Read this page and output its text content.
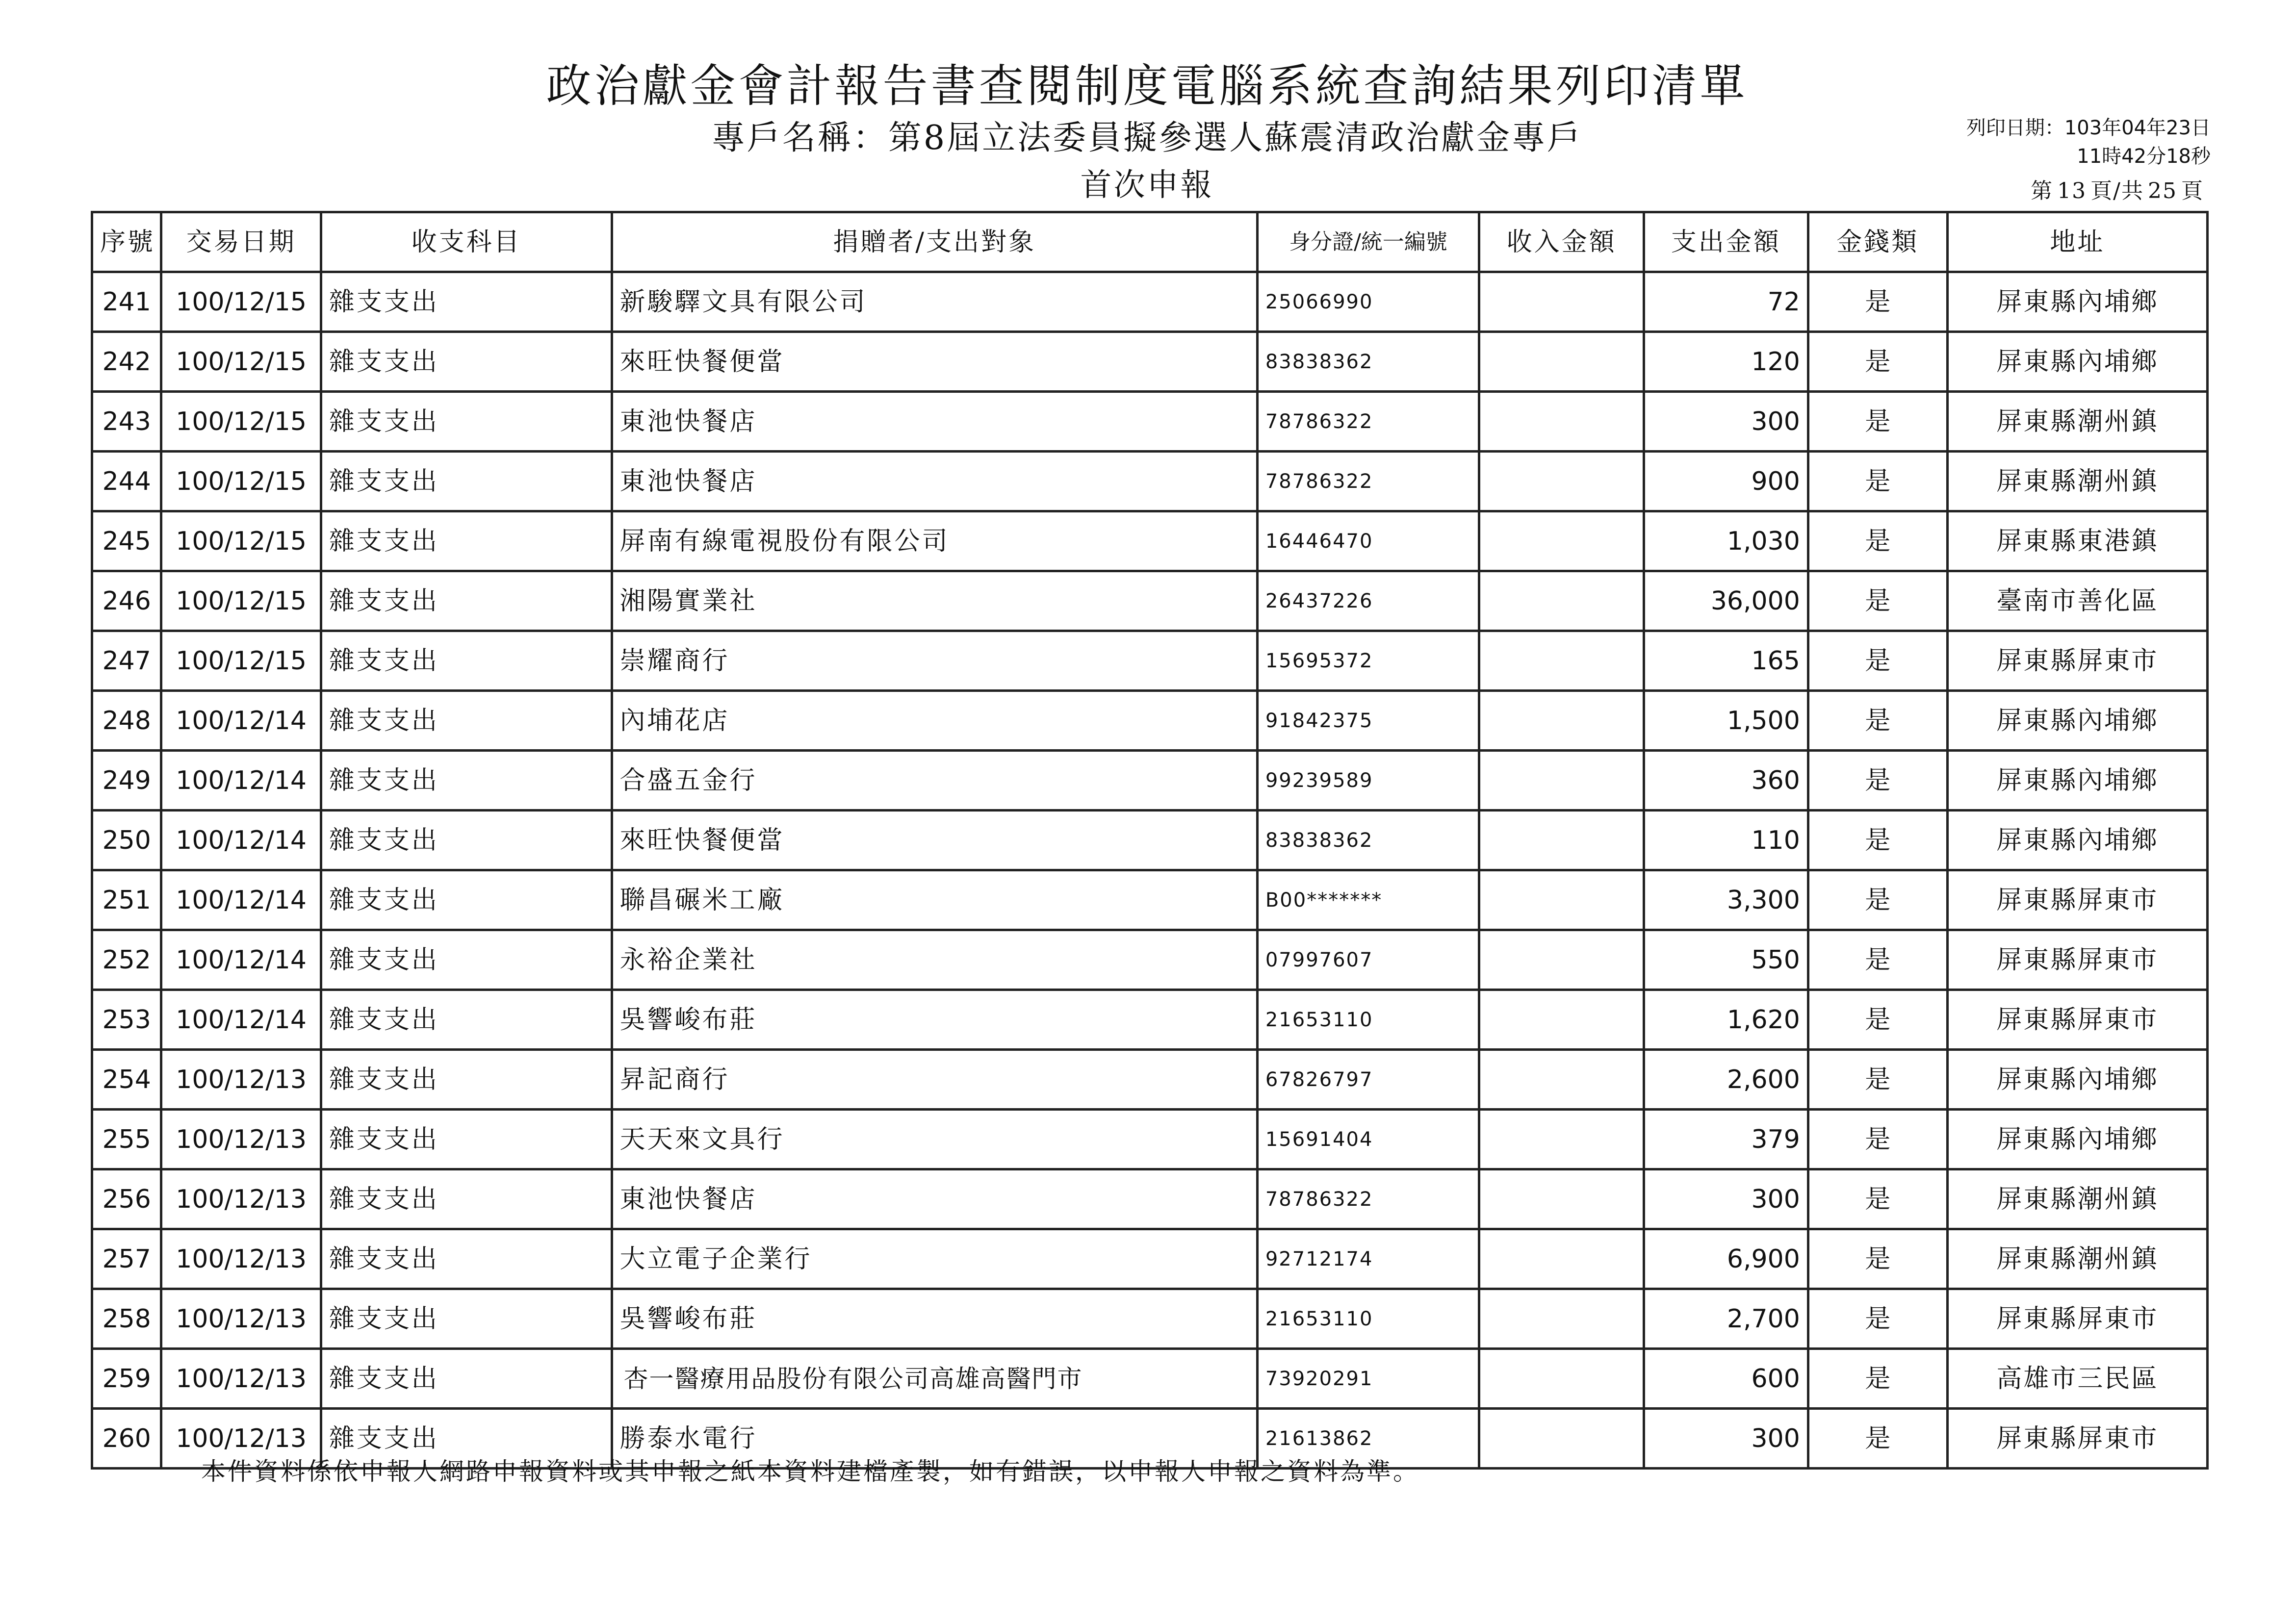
政治獻金會計報告書查閱制度電腦系統查詢結果列印清單
專戶名稱：第8屆立法委員擬參選人蘇震清政治獻金專戶
首次申報
列印日期：103年04年23日
11時42分18秒
第 13 頁/共 25 頁
序號	交易日期	收支科目	捐贈者/支出對象	身分證/統一編號	收入金額	支出金額	金錢類	地址
241	100/12/15	雜支支出	新駿驛文具有限公司	25066990		72	是	屏東縣內埔鄉
242	100/12/15	雜支支出	來旺快餐便當	83838362		120	是	屏東縣內埔鄉
243	100/12/15	雜支支出	東池快餐店	78786322		300	是	屏東縣潮州鎮
244	100/12/15	雜支支出	東池快餐店	78786322		900	是	屏東縣潮州鎮
245	100/12/15	雜支支出	屏南有線電視股份有限公司	16446470		1,030	是	屏東縣東港鎮
246	100/12/15	雜支支出	湘陽實業社	26437226		36,000	是	臺南市善化區
247	100/12/15	雜支支出	崇耀商行	15695372		165	是	屏東縣屏東市
248	100/12/14	雜支支出	內埔花店	91842375		1,500	是	屏東縣內埔鄉
249	100/12/14	雜支支出	合盛五金行	99239589		360	是	屏東縣內埔鄉
250	100/12/14	雜支支出	來旺快餐便當	83838362		110	是	屏東縣內埔鄉
251	100/12/14	雜支支出	聯昌碾米工廠	B00*******		3,300	是	屏東縣屏東市
252	100/12/14	雜支支出	永裕企業社	07997607		550	是	屏東縣屏東市
253	100/12/14	雜支支出	吳響峻布莊	21653110		1,620	是	屏東縣屏東市
254	100/12/13	雜支支出	昇記商行	67826797		2,600	是	屏東縣內埔鄉
255	100/12/13	雜支支出	天天來文具行	15691404		379	是	屏東縣內埔鄉
256	100/12/13	雜支支出	東池快餐店	78786322		300	是	屏東縣潮州鎮
257	100/12/13	雜支支出	大立電子企業行	92712174		6,900	是	屏東縣潮州鎮
258	100/12/13	雜支支出	吳響峻布莊	21653110		2,700	是	屏東縣屏東市
259	100/12/13	雜支支出	杏一醫療用品股份有限公司高雄高醫門市	73920291		600	是	高雄市三民區
260	100/12/13	雜支支出	勝泰水電行	21613862		300	是	屏東縣屏東市
本件資料係依申報人網路申報資料或其申報之紙本資料建檔產製，如有錯誤，以申報人申報之資料為準。
